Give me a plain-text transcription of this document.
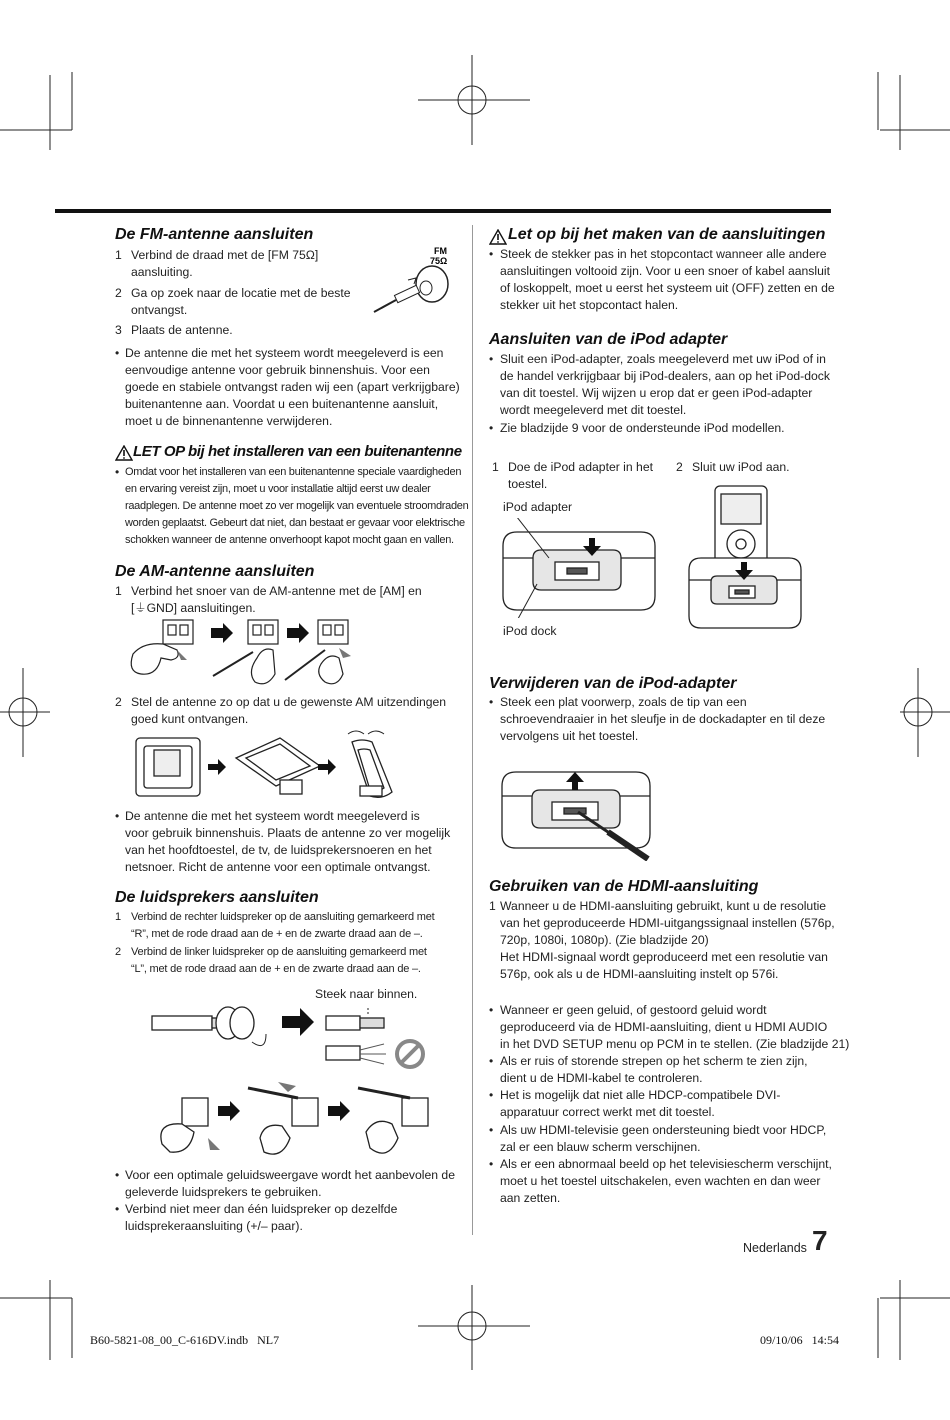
De FM-antenne aansluiten
1 Verbind de draad met de [FM 75Ω]
aansluiting.
2 Ga op zoek naar de locatie met de beste
ontvangst.
3 Plaats de antenne.
FM
75Ω
• De antenne die met het systeem wordt meegeleverd is een
eenvoudige antenne voor gebruik binnenshuis. Voor een
goede en stabiele ontvangst raden wij een (apart verkrijgbare)
buitenantenne aan. Voordat u een buitenantenne aansluit,
moet u de binnenantenne verwijderen.
LET OP bij het installeren van een buitenantenne
• Omdat voor het installeren van een buitenantenne speciale vaardigheden
en ervaring vereist zijn, moet u voor installatie altijd eerst uw dealer
raadplegen. De antenne moet zo ver mogelijk van eventuele stroomdraden
worden geplaatst. Gebeurt dat niet, dan bestaat er gevaar voor elektrische
schokken wanneer de antenne onverhoopt kapot mocht gaan en vallen.
De AM-antenne aansluiten
1 Verbind het snoer van de AM-antenne met de [AM] en
[⏚GND] aansluitingen.
2 Stel de antenne zo op dat u de gewenste AM uitzendingen
goed kunt ontvangen.
• De antenne die met het systeem wordt meegeleverd is
voor gebruik binnenshuis. Plaats de antenne zo ver mogelijk
van het hoofdtoestel, de tv, de luidsprekersnoeren en het
netsnoer. Richt de antenne voor een optimale ontvangst.
De luidsprekers aansluiten
1 Verbind de rechter luidspreker op de aansluiting gemarkeerd met
“R”, met de rode draad aan de + en de zwarte draad aan de –.
2 Verbind de linker luidspreker op de aansluiting gemarkeerd met
“L”, met de rode draad aan de + en de zwarte draad aan de –.
Steek naar binnen.
• Voor een optimale geluidsweergave wordt het aanbevolen de
geleverde luidsprekers te gebruiken.
• Verbind niet meer dan één luidspreker op dezelfde
luidsprekeraansluiting (+/– paar).
Let op bij het maken van de aansluitingen
• Steek de stekker pas in het stopcontact wanneer alle andere
aansluitingen voltooid zijn. Voor u een snoer of kabel aansluit
of loskoppelt, moet u eerst het systeem uit (OFF) zetten en de
stekker uit het stopcontact halen.
Aansluiten van de iPod adapter
• Sluit een iPod-adapter, zoals meegeleverd met uw iPod of in
de handel verkrijgbaar bij iPod-dealers, aan op het iPod-dock
van dit toestel. Wij wijzen u erop dat er geen iPod-adapter
wordt meegeleverd met dit toestel.
• Zie bladzijde 9 voor de ondersteunde iPod modellen.
1 Doe de iPod adapter in het
toestel.
2 Sluit uw iPod aan.
iPod adapter
iPod dock
Verwijderen van de iPod-adapter
• Steek een plat voorwerp, zoals de tip van een
schroevendraaier in het sleufje in de dockadapter en til deze
vervolgens uit het toestel.
Gebruiken van de HDMI-aansluiting
1 Wanneer u de HDMI-aansluiting gebruikt, kunt u de resolutie
van het geproduceerde HDMI-uitgangssignaal instellen (576p,
720p, 1080i, 1080p). (Zie bladzijde 20)
Het HDMI-signaal wordt geproduceerd met een resolutie van
576p, ook als u de HDMI-aansluiting instelt op 576i.
• Wanneer er geen geluid, of gestoord geluid wordt
geproduceerd via de HDMI-aansluiting, dient u HDMI AUDIO
in het DVD SETUP menu op PCM in te stellen. (Zie bladzijde 21)
• Als er ruis of storende strepen op het scherm te zien zijn,
dient u de HDMI-kabel te controleren.
• Het is mogelijk dat niet alle HDCP-compatibele DVI-
apparatuur correct werkt met dit toestel.
• Als uw HDMI-televisie geen ondersteuning biedt voor HDCP,
zal er een blauw scherm verschijnen.
• Als er een abnormaal beeld op het televisiescherm verschijnt,
moet u het toestel uitschakelen, even wachten en dan weer
aan zetten.
Nederlands 7
B60-5821-08_00_C-616DV.indb   NL7	09/10/06   14:54
